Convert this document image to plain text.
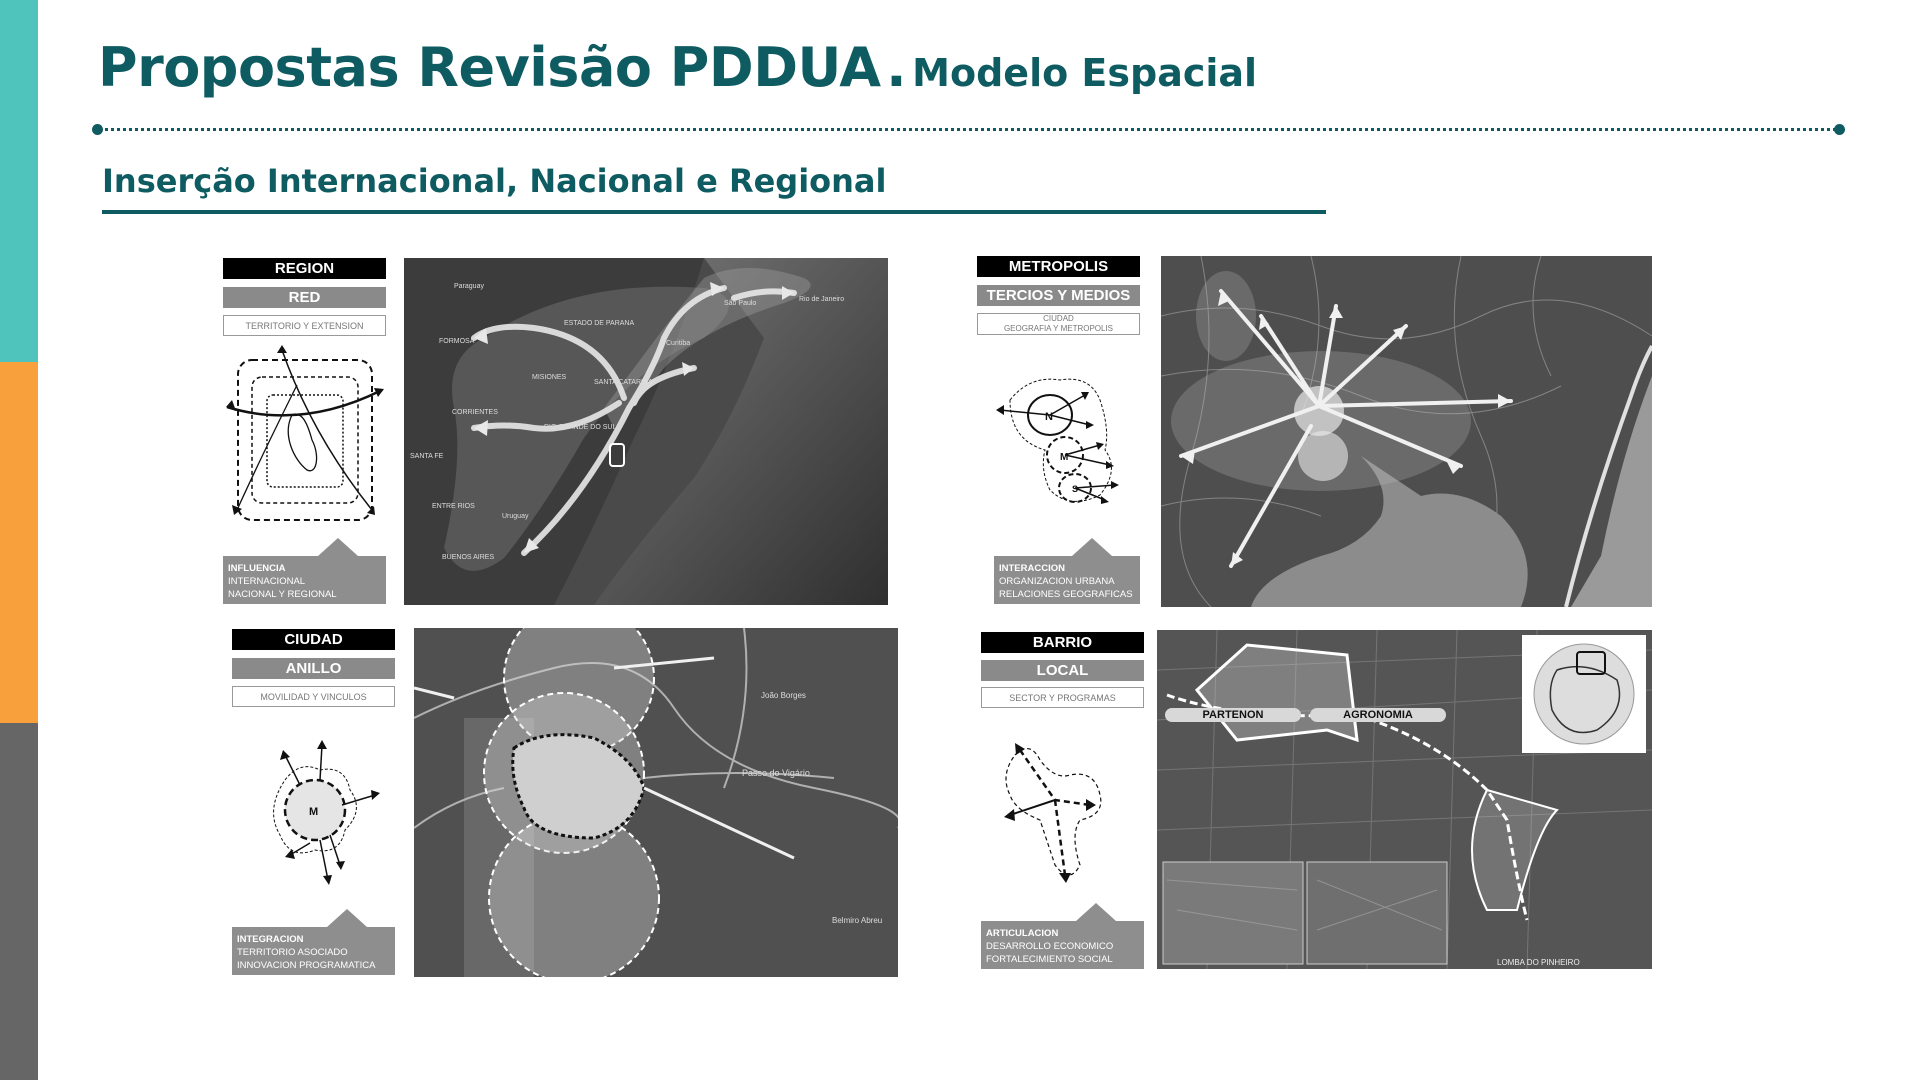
Propostas Revisão PDDUA . Modelo Espacial
Inserção Internacional, Nacional e Regional
REGION
RED
TERRITORIO Y EXTENSION
INFLUENCIA
INTERNACIONAL
NACIONAL Y REGIONAL
Paraguay
ESTADO DE PARANA
FORMOSA
MISIONES
CORRIENTES
RIO GRANDE DO SUL
SANTA FE
ENTRE RIOS
Uruguay
BUENOS AIRES
SANTA CATARINA
Curitiba
São Paulo
Rio de Janeiro
METROPOLIS
TERCIOS Y MEDIOS
CIUDAD
GEOGRAFIA Y METROPOLIS
N
M
S
INTERACCION
ORGANIZACION URBANA
RELACIONES GEOGRAFICAS
CIUDAD
ANILLO
MOVILIDAD Y VINCULOS
M
INTEGRACION
TERRITORIO ASOCIADO
INNOVACION PROGRAMATICA
João Borges
Passo do Vigário
Belmiro Abreu
BARRIO
LOCAL
SECTOR Y PROGRAMAS
ARTICULACION
DESARROLLO ECONOMICO
FORTALECIMIENTO SOCIAL
PARTENON	AGRONOMIA
LOMBA DO PINHEIRO
